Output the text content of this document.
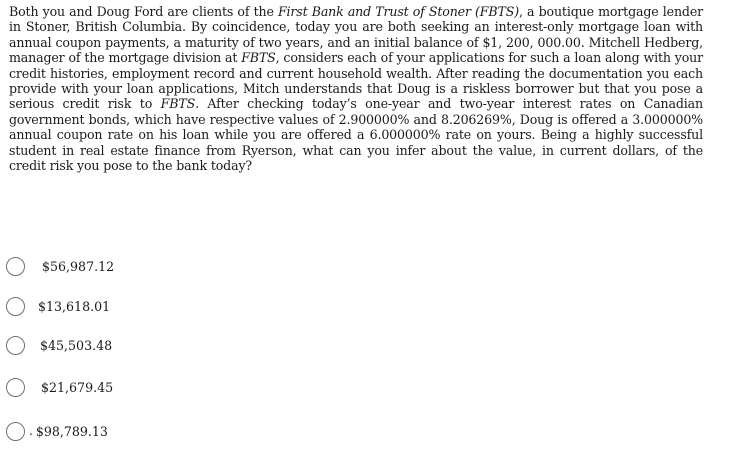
Both you and Doug Ford are clients of the First Bank and Trust of Stoner (FBTS), a boutique mortgage lender in Stoner, British Columbia. By coincidence, today you are both seeking an interest-only mortgage loan with annual coupon payments, a maturity of two years, and an initial balance of $1, 200, 000.00. Mitchell Hedberg, manager of the mortgage division at FBTS, considers each of your applications for such a loan along with your credit histories, employment record and current household wealth. After reading the documentation you each provide with your loan applications, Mitch understands that Doug is a riskless borrower but that you pose a serious credit risk to FBTS. After checking today’s one-year and two-year interest rates on Canadian government bonds, which have respective values of 2.900000% and 8.206269%, Doug is offered a 3.000000% annual coupon rate on his loan while you are offered a 6.000000% rate on yours. Being a highly successful student in real estate finance from Ryerson, what can you infer about the value, in current dollars, of the credit risk you pose to the bank today?

$56,987.12
$13,618.01
$45,503.48
$21,679.45
. $98,789.13
